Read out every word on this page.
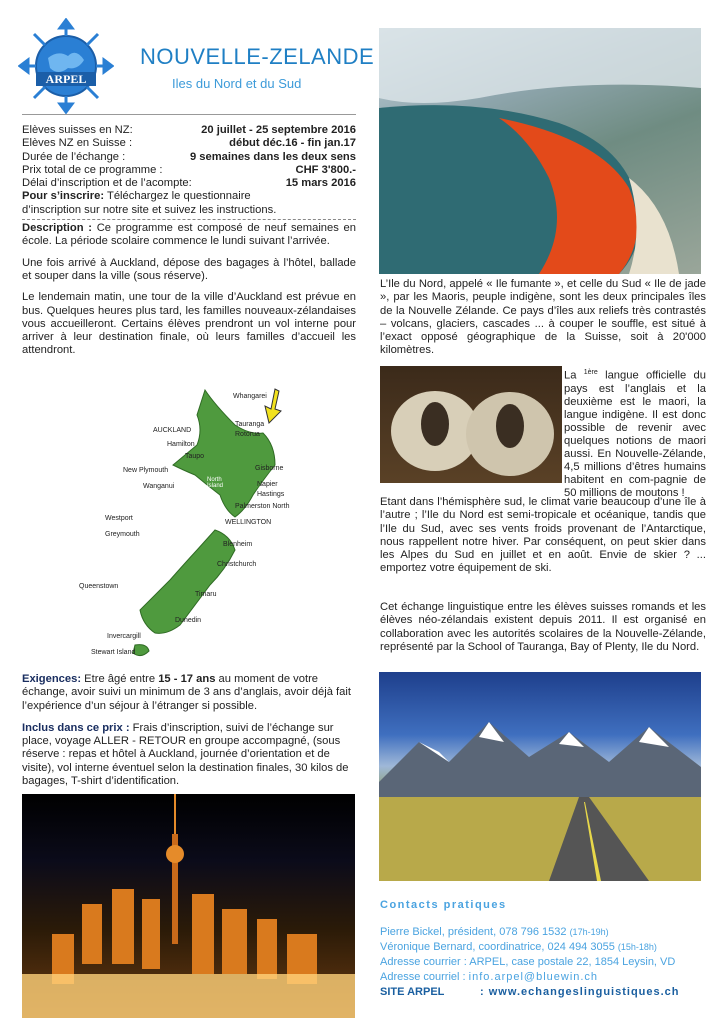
ARPEL
NOUVELLE-ZELANDE
Iles du Nord et du Sud
Elèves suisses en NZ:	20 juillet - 25 septembre 2016
Elèves NZ en Suisse :	début déc.16 - fin jan.17
Durée de l’échange :	9 semaines dans les deux sens
Prix total de ce programme :	CHF 3'800.-
Délai d’inscription et de l’acompte:	15 mars 2016
Pour s’inscrire: Téléchargez le questionnaire
d’inscription sur notre site et suivez les instructions.

Description : Ce programme est composé de neuf semaines en école. La période scolaire commence le lundi suivant l’arrivée.

Une fois arrivé à Auckland, dépose des bagages à l’hôtel, ballade et souper dans la ville (sous réserve).

Le lendemain matin, une tour de la ville d’Auckland est prévue en bus. Quelques heures plus tard, les familles nouveaux-zélandaises vous accueilleront. Certains élèves prendront un vol interne pour arriver à leur destination finale, où leurs familles d’accueil les attendront.

Whangarei
Tauranga
AUCKLAND
Rotorua
Hamilton
Taupo
New Plymouth	Gisborne
Wanganui
North Island	Napier
Hastings
Palmerston North
Westport
WELLINGTON
Greymouth
Blenheim
Christchurch
Queenstown
Timaru
South Island
Dunedin
Invercargill
Stewart Island

Exigences: Etre âgé entre 15 - 17 ans au moment de votre échange, avoir suivi un minimum de 3 ans d’anglais, avoir déjà fait l’expérience d’un séjour à l’étranger si possible.

Inclus dans ce prix : Frais d’inscription, suivi de l’échange sur place, voyage ALLER - RETOUR en groupe accompagné, (sous réserve : repas et hôtel à Auckland, journée d’orientation et de visite), vol interne éventuel selon la destination finales, 30 kilos de bagages, T-shirt d’identification.

L’Ile du Nord, appelé « Ile fumante », et celle du Sud « Ile de jade », par les Maoris, peuple indigène, sont les deux principales îles de la Nouvelle Zélande. Ce pays d’îles aux reliefs très contrastés – volcans, glaciers, cascades ... à couper le souffle, est situé à l’exact opposé géographique de la Suisse, soit à 20'000 kilomètres.

La $^{1ère}$ langue officielle du pays est l’anglais et la deuxième est le maori, la langue indigène. Il est donc possible de revenir avec quelques notions de maori aussi. En Nouvelle-Zélande, 4,5 millions d’êtres humains habitent en com-pagnie de 50 millions de moutons !

Etant dans l’hémisphère sud, le climat varie beaucoup d’une île à l’autre ; l’Ile du Nord est semi-tropicale et océanique, tandis que l’Ile du Sud, avec ses vents froids provenant de l’Antarctique, nous rappellent notre hiver. Par conséquent, on peut skier dans les Alpes du Sud en juillet et en août. Envie de skier ? ... emportez votre équipement de ski.

Cet échange linguistique entre les élèves suisses romands et les élèves néo-zélandais existent depuis 2011. Il est organisé en collaboration avec les autorités scolaires de la Nouvelle-Zélande, représenté par la School of Tauranga, Bay of Plenty, Ile du Nord.

Contacts pratiques
Pierre Bickel, président, 078 796 1532 (17h-19h)
Véronique Bernard, coordinatrice, 024 494 3055 (15h-18h)
Adresse courrier : ARPEL, case postale 22, 1854 Leysin, VD
Adresse courriel : info.arpel@bluewin.ch
SITE ARPEL	: www.echangeslinguistiques.ch
